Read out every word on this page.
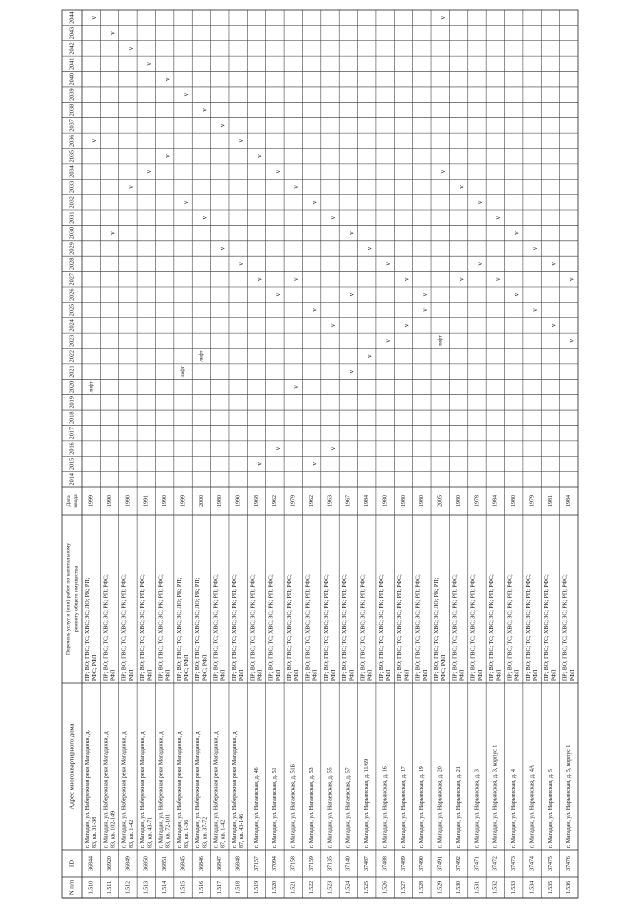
N п/п
ID
Адрес многоквартирного дома
Перечень услуг и (или) работ по капитальному ремонту общего имущества
Дата ввода
2014
2015
2016
2017
2018
2019
2020
2021
2022
2023
2024
2025
2026
2027
2028
2029
2030
2031
2032
2033
2034
2035
2036
2037
2038
2039
2040
2041
2042
2043
2044
1.510
36844
г. Магадан, ул. Набережная реки Магаданки, д. 83, кв. 31-38
ПР; ВО; ГВС; ТС; ХВС; ЗС; ЛО; РК; РП; РФС; РФЛ
1999
лифт
v
v
1.511
36920
г. Магадан, ул. Набережная реки Магаданки, д 83, кв. 102-149
ПР; ВО; ГВС; ТС; ХВС; ЗС; РК; РП; РФС; РФЛ
1990
v
v
1.512
36849
г. Магадан, ул. Набережная реки Магаданки, д 83, кв. 1-42
ПР; ВО; ГВС; ТС; ХВС; ЗС; РК; РП; РФС; РФЛ
1990
v
v
1.513
36850
г. Магадан, ул. Набережная реки Магаданки, д 83, кв. 43-71
ПР; ВО; ГВС; ТС; ХВС; ЗС; РК; РП; РФС; РФЛ
1991
v
v
1.514
36851
г. Магадан, ул. Набережная реки Магаданки, д 83, кв. 72-101
ПР; ВО; ГВС; ТС; ХВС; ЗС; РК; РП; РФС; РФЛ
1990
v
v
1.515
36845
г. Магадан, ул. Набережная реки Магаданки, д 83, кв. 1-36
ПР; ВО; ГВС; ТС; ХВС; ЗС; ЛО; РК; РП; РФС; РФЛ
1999
лифт
v
v
1.516
36846
г. Магадан, ул. Набережная реки Магаданки, д 83, кв. 37-72
ПР; ВО; ГВС; ТС; ХВС; ЗС; ЛО; РК; РП; РФС; РФЛ
2000
лифт
v
v
1.517
36847
г. Магадан, ул. Набережная реки Магаданки, д 87, кв. 1-42
ПР; ВО; ГВС; ТС; ХВС; ЗС; РК; РП; РФС; РФЛ
1980
v
v
1.518
36848
г. Магадан, ул. Набережная реки Магаданки, д 87, кв. 43-146
ПР; ВО; ГВС; ТС; ХВС; ЗС; РК; РП; РФС; РФЛ
1990
v
v
1.519
37157
г. Магадан, ул. Нагаевская, д. 46
ПР; ВО; ГВС; ТС; ХВС; ЗС; РК; РП; РФС; РФЛ
1968
v
v
v
1.520
37094
г. Магадан, ул. Нагаевская, д. 51
ПР; ВО; ГВС; ТС; ХВС; ЗС; РК; РП; РФС; РФЛ
1962
v
v
v
1.521
37158
г. Магадан, ул. Нагаевская, д. 51Б
ПР; ВО; ГВС; ТС; ХВС; ЗС; РК; РП; РФС; РФЛ
1979
v
v
v
1.522
37159
г. Магадан, ул. Нагаевская, д. 53
ПР; ВО; ГВС; ТС; ХВС; ЗС; РК; РП; РФС; РФЛ
1962
v
v
v
1.523
37135
г. Магадан, ул. Нагаевская, д. 55
ПР; ВО; ГВС; ТС; ХВС; ЗС; РК; РП; РФС; РФЛ
1963
v
v
v
1.524
37140
г. Магадан, ул. Нагаевская, д. 57
ПР; ВО; ГВС; ТС; ХВС; ЗС; РК; РП; РФС; РФЛ
1967
v
v
v
1.525
37487
г. Магадан, ул. Нарьянская, д. 11/69
ПР; ВО; ГВС; ТС; ХВС; ЗС; РК; РП; РФС; РФЛ
1984
v
v
1.526
37488
г. Магадан, ул. Нарьянская, д. 16
ПР; ВО; ГВС; ТС; ХВС; ЗС; РК; РП; РФС; РФЛ
1980
v
v
1.527
37489
г. Магадан, ул. Нарьянская, д. 17
ПР; ВО; ГВС; ТС; ХВС; ЗС; РК; РП; РФС; РФЛ
1980
v
v
1.528
37490
г. Магадан, ул. Нарьянская, д. 19
ПР; ВО; ГВС; ТС; ХВС; ЗС; РК; РП; РФС; РФЛ
1980
v
v
1.529
37491
г. Магадан, ул. Нарьянская, д. 20
ПР; ВО; ГВС; ТС; ХВС; ЗС; ЛО; РК; РП; РФС; РФЛ
2005
лифт
v
v
1.530
37492
г. Магадан, ул. Нарьянская, д. 21
ПР; ВО; ГВС; ТС; ХВС; ЗС; РК; РП; РФС; РФЛ
1980
v
v
1.531
37471
г. Магадан, ул. Нарьянская, д. 3
ПР; ВО; ГВС; ТС; ХВС; ЗС; РК; РП; РФС; РФЛ
1978
v
v
1.532
37472
г. Магадан, ул. Нарьянская, д. 3, корпус 1
ПР; ВО; ГВС; ТС; ХВС; ЗС; РК; РП; РФС; РФЛ
1984
v
v
1.533
37473
г. Магадан, ул. Нарьянская, д. 4
ПР; ВО; ГВС; ТС; ХВС; ЗС; РК; РП; РФС; РФЛ
1980
v
v
1.534
37474
г. Магадан, ул. Нарьянская, д. 4А
ПР; ВО; ГВС; ТС; ХВС; ЗС; РК; РП; РФС; РФЛ
1979
v
v
1.535
37475
г. Магадан, ул. Нарьянская, д. 5
ПР; ВО; ГВС; ТС; ХВС; ЗС; РК; РП; РФС; РФЛ
1981
v
v
1.536
37476
г. Магадан, ул. Нарьянская, д. 5, корпус 1
ПР; ВО; ГВС; ТС; ХВС; ЗС; РК; РП; РФС; РФЛ
1984
v
v
